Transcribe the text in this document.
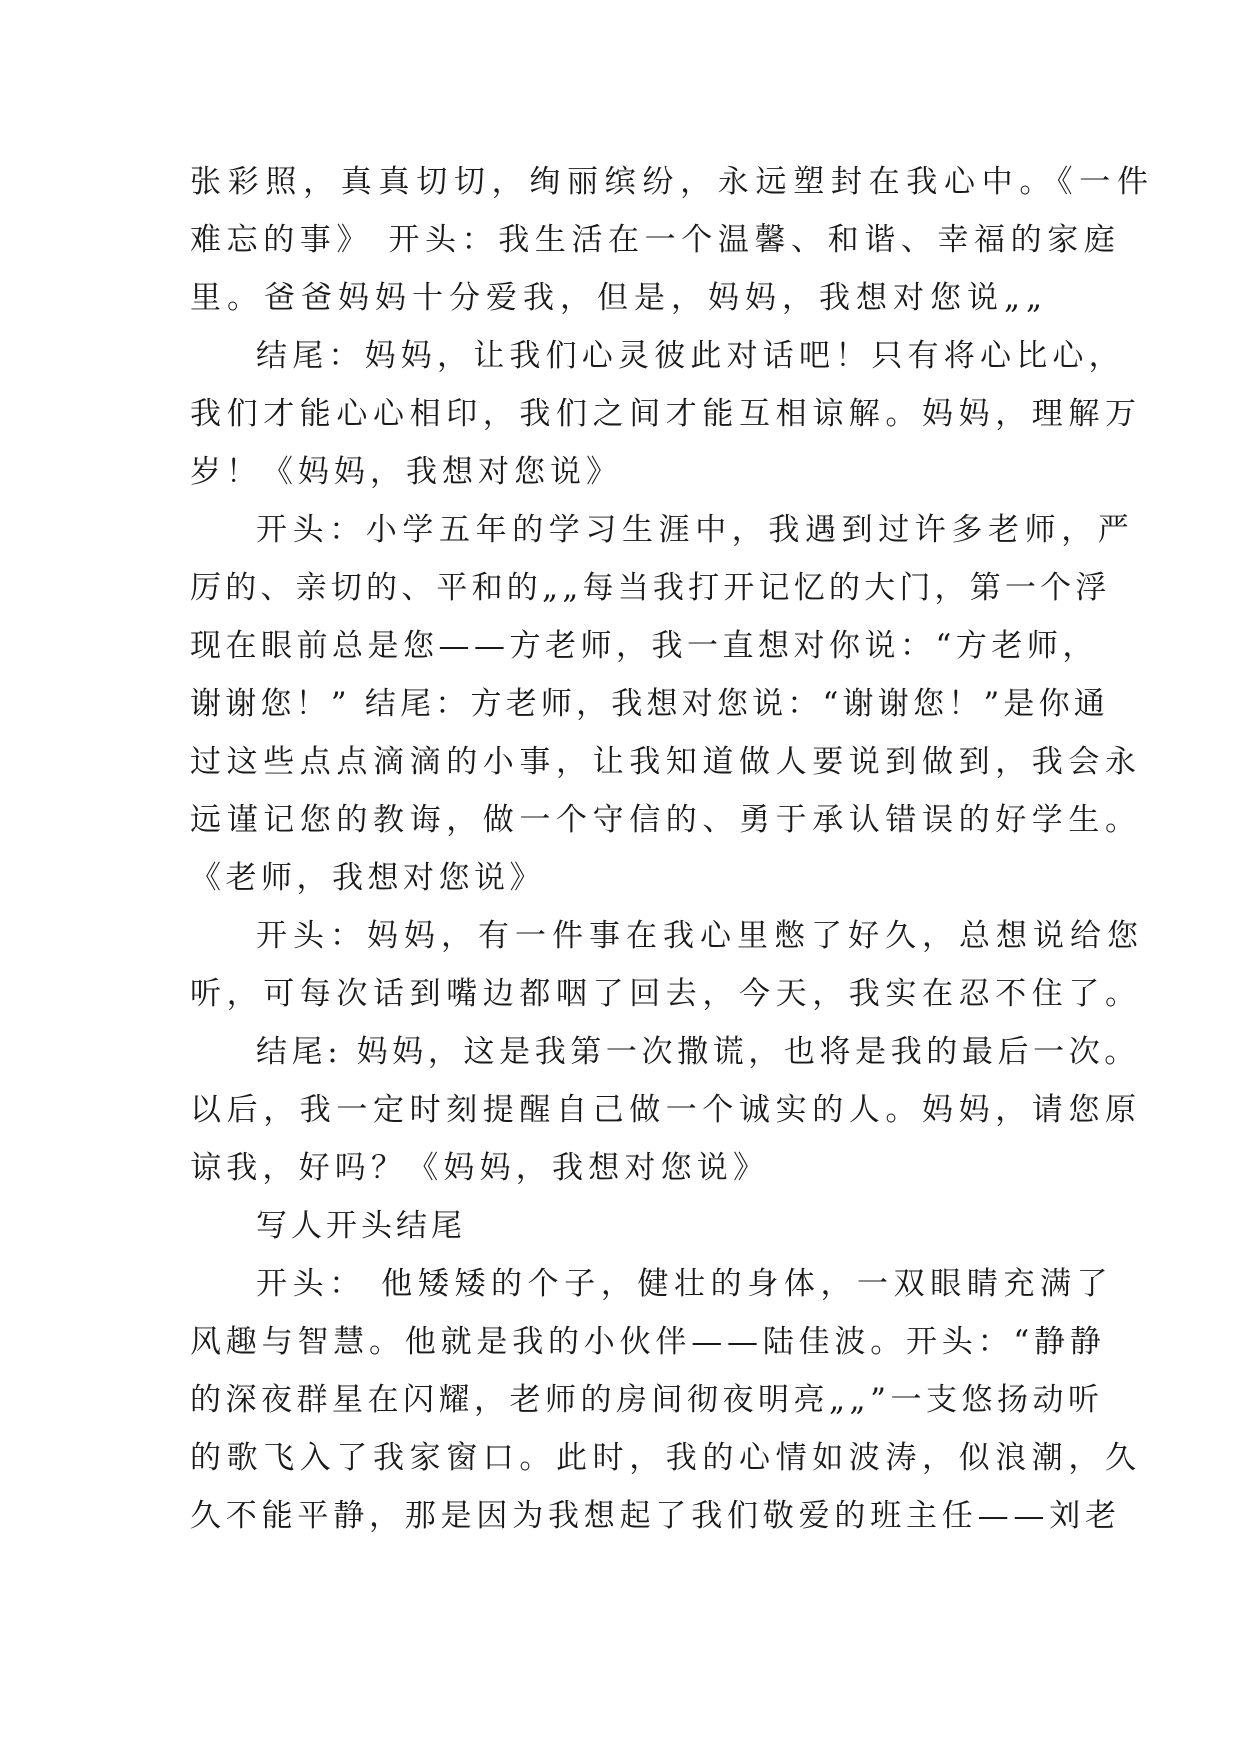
张彩照，真真切切，绚丽缤纷，永远塑封在我心中。《一件
难忘的事》 开头：我生活在一个温馨、和谐、幸福的家庭
里。爸爸妈妈十分爱我，但是，妈妈，我想对您说„„
结尾：妈妈，让我们心灵彼此对话吧！只有将心比心，
我们才能心心相印，我们之间才能互相谅解。妈妈，理解万
岁！《妈妈，我想对您说》
开头：小学五年的学习生涯中，我遇到过许多老师，严
厉的、亲切的、平和的„„每当我打开记忆的大门，第一个浮
现在眼前总是您——方老师，我一直想对你说：“方老师，
谢谢您！” 结尾：方老师，我想对您说：“谢谢您！”是你通
过这些点点滴滴的小事，让我知道做人要说到做到，我会永
远谨记您的教诲，做一个守信的、勇于承认错误的好学生。
《老师，我想对您说》
开头：妈妈，有一件事在我心里憋了好久，总想说给您
听，可每次话到嘴边都咽了回去，今天，我实在忍不住了。
结尾: 妈妈，这是我第一次撒谎，也将是我的最后一次。
以后，我一定时刻提醒自己做一个诚实的人。妈妈，请您原
谅我，好吗？《妈妈，我想对您说》
写人开头结尾
开头： 他矮矮的个子，健壮的身体，一双眼睛充满了
风趣与智慧。他就是我的小伙伴——陆佳波。开头：“静静
的深夜群星在闪耀，老师的房间彻夜明亮„„”一支悠扬动听
的歌飞入了我家窗口。此时，我的心情如波涛，似浪潮，久
久不能平静，那是因为我想起了我们敬爱的班主任——刘老
